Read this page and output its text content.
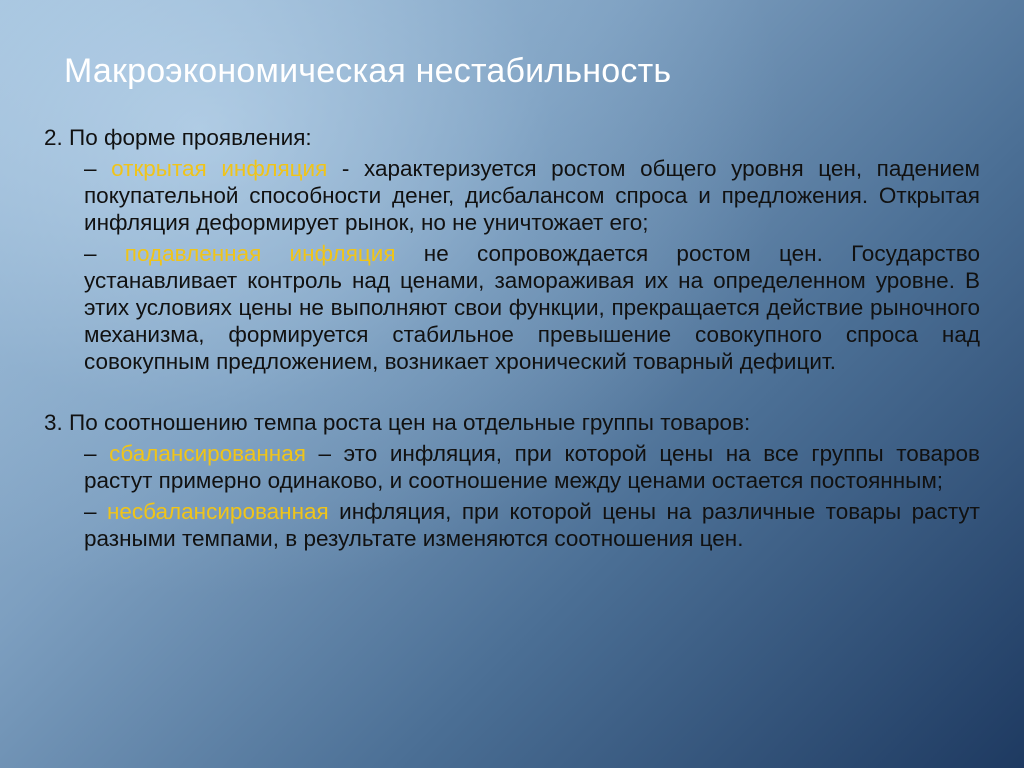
Макроэкономическая нестабильность
2. По форме проявления:
– открытая инфляция - характеризуется ростом общего уровня цен, падением покупательной способности денег, дисбалансом спроса и предложения. Открытая инфляция деформирует рынок, но не уничтожает его;
– подавленная инфляция не сопровождается ростом цен. Государство устанавливает контроль над ценами, замораживая их на определенном уровне. В этих условиях цены не выполняют свои функции, прекращается действие рыночного механизма, формируется стабильное превышение совокупного спроса над совокупным предложением, возникает хронический товарный дефицит.
3. По соотношению темпа роста цен на отдельные группы товаров:
– сбалансированная – это инфляция, при которой цены на все группы товаров растут примерно одинаково, и соотношение между ценами остается постоянным;
– несбалансированная инфляция, при которой цены на различные товары растут разными темпами, в результате изменяются соотношения цен.
